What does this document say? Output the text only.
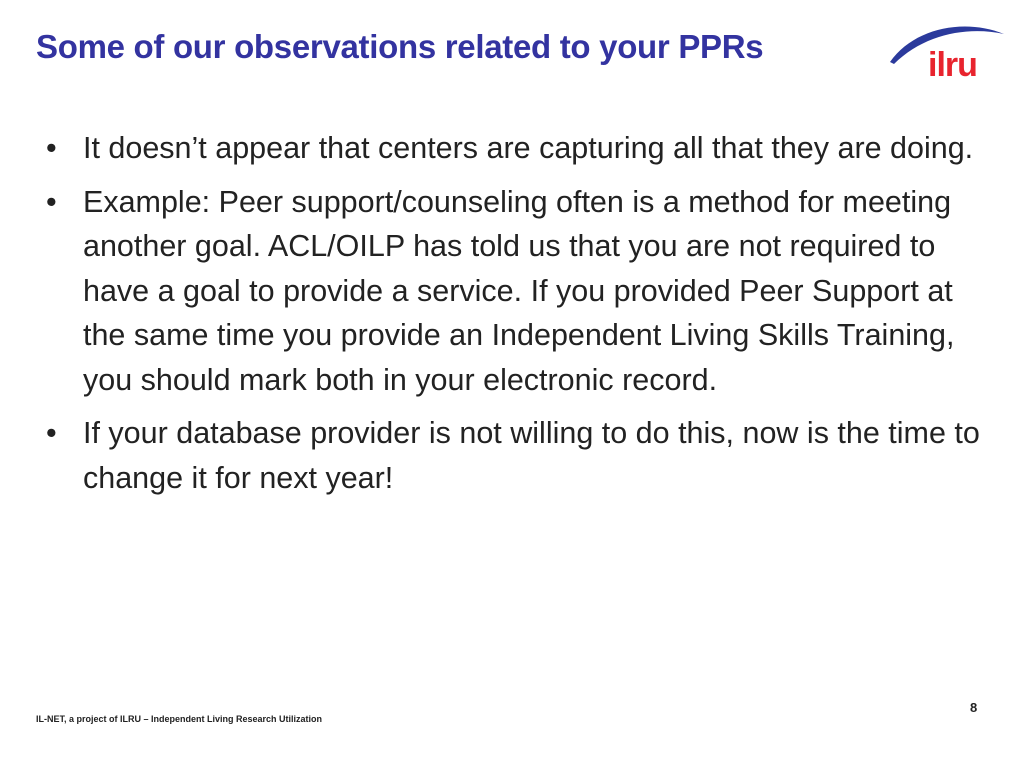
Some of our observations related to your PPRs	ilru
• It doesn’t appear that centers are capturing all that they are doing.
• Example: Peer support/counseling often is a method for meeting another goal. ACL/OILP has told us that you are not required to have a goal to provide a service. If you provided Peer Support at the same time you provide an Independent Living Skills Training, you should mark both in your electronic record.
• If your database provider is not willing to do this, now is the time to change it for next year!
IL-NET, a project of ILRU – Independent Living Research Utilization
8
